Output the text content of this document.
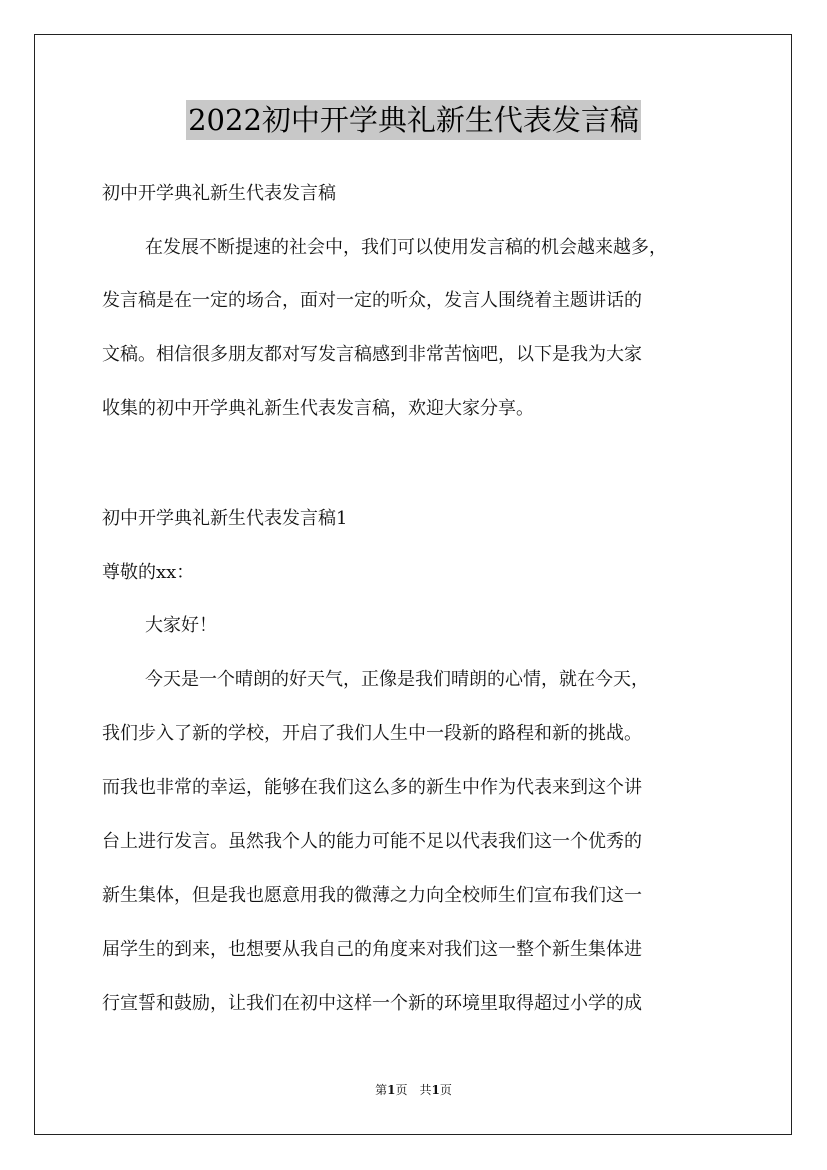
2022初中开学典礼新生代表发言稿
初中开学典礼新生代表发言稿
在发展不断提速的社会中，我们可以使用发言稿的机会越来越多，
发言稿是在一定的场合，面对一定的听众，发言人围绕着主题讲话的
文稿。相信很多朋友都对写发言稿感到非常苦恼吧，以下是我为大家
收集的初中开学典礼新生代表发言稿，欢迎大家分享。
初中开学典礼新生代表发言稿1
尊敬的xx：
大家好！
今天是一个晴朗的好天气，正像是我们晴朗的心情，就在今天，
我们步入了新的学校，开启了我们人生中一段新的路程和新的挑战。
而我也非常的幸运，能够在我们这么多的新生中作为代表来到这个讲
台上进行发言。虽然我个人的能力可能不足以代表我们这一个优秀的
新生集体，但是我也愿意用我的微薄之力向全校师生们宣布我们这一
届学生的到来，也想要从我自己的角度来对我们这一整个新生集体进
行宣誓和鼓励，让我们在初中这样一个新的环境里取得超过小学的成
第1页　共1页
